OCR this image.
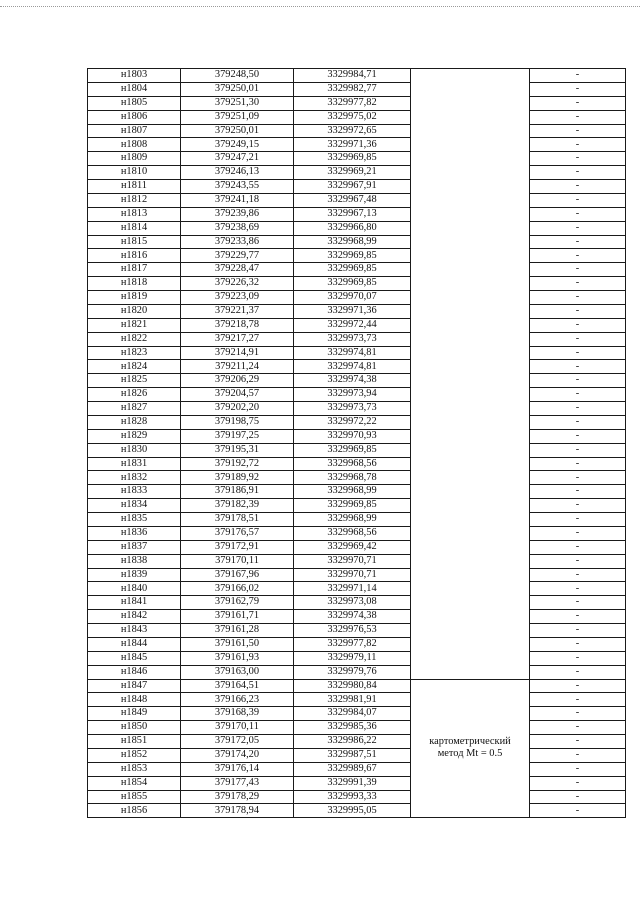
н1803	379248,50	3329984,71		-
н1804	379250,01	3329982,77		-
н1805	379251,30	3329977,82		-
н1806	379251,09	3329975,02		-
н1807	379250,01	3329972,65		-
н1808	379249,15	3329971,36		-
н1809	379247,21	3329969,85		-
н1810	379246,13	3329969,21		-
н1811	379243,55	3329967,91		-
н1812	379241,18	3329967,48		-
н1813	379239,86	3329967,13		-
н1814	379238,69	3329966,80		-
н1815	379233,86	3329968,99		-
н1816	379229,77	3329969,85		-
н1817	379228,47	3329969,85		-
н1818	379226,32	3329969,85		-
н1819	379223,09	3329970,07		-
н1820	379221,37	3329971,36		-
н1821	379218,78	3329972,44		-
н1822	379217,27	3329973,73		-
н1823	379214,91	3329974,81		-
н1824	379211,24	3329974,81		-
н1825	379206,29	3329974,38		-
н1826	379204,57	3329973,94		-
н1827	379202,20	3329973,73		-
н1828	379198,75	3329972,22		-
н1829	379197,25	3329970,93		-
н1830	379195,31	3329969,85		-
н1831	379192,72	3329968,56		-
н1832	379189,92	3329968,78		-
н1833	379186,91	3329968,99		-
н1834	379182,39	3329969,85		-
н1835	379178,51	3329968,99		-
н1836	379176,57	3329968,56		-
н1837	379172,91	3329969,42		-
н1838	379170,11	3329970,71		-
н1839	379167,96	3329970,71		-
н1840	379166,02	3329971,14		-
н1841	379162,79	3329973,08		-
н1842	379161,71	3329974,38		-
н1843	379161,28	3329976,53		-
н1844	379161,50	3329977,82		-
н1845	379161,93	3329979,11		-
н1846	379163,00	3329979,76		-
н1847	379164,51	3329980,84	картометрический
метод Mt = 0.5	-
н1848	379166,23	3329981,91		-
н1849	379168,39	3329984,07		-
н1850	379170,11	3329985,36		-
н1851	379172,05	3329986,22		-
н1852	379174,20	3329987,51		-
н1853	379176,14	3329989,67		-
н1854	379177,43	3329991,39		-
н1855	379178,29	3329993,33		-
н1856	379178,94	3329995,05		-
